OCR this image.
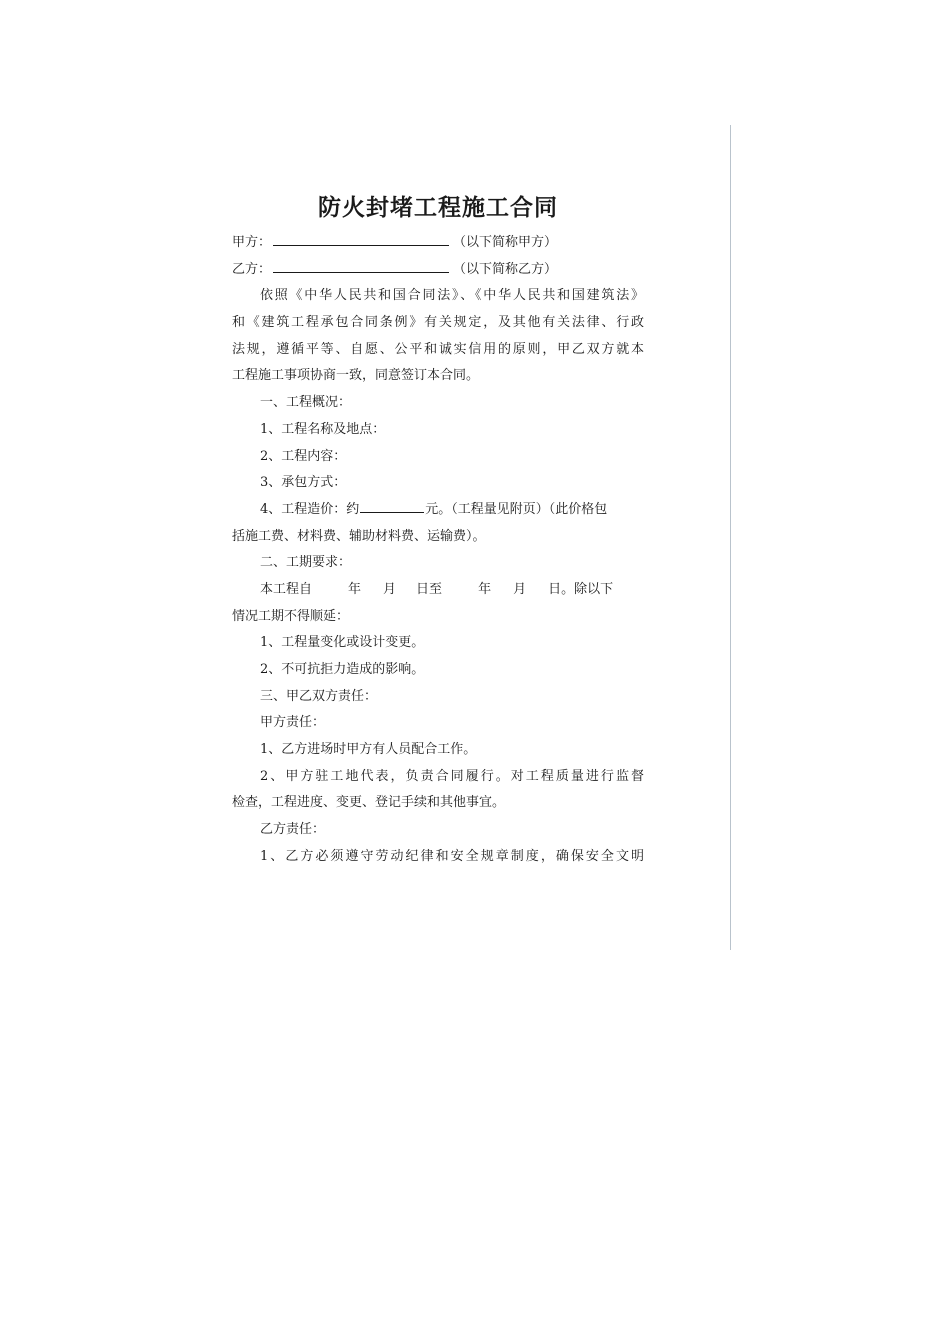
防火封堵工程施工合同
甲方：	（以下简称甲方）
乙方：	（以下简称乙方）
依照《中华人民共和国合同法》、《中华人民共和国建筑法》
和《建筑工程承包合同条例》有关规定，及其他有关法律、行政
法规，遵循平等、自愿、公平和诚实信用的原则，甲乙双方就本
工程施工事项协商一致，同意签订本合同。
一、工程概况：
1、工程名称及地点：
2、工程内容：
3、承包方式：
4、工程造价：约	元。（工程量见附页）（此价格包
括施工费、材料费、辅助材料费、运输费）。
二、工期要求：
本工程自	年 月 日至	年 月 日。除以下
情况工期不得顺延：
1、工程量变化或设计变更。
2、不可抗拒力造成的影响。
三、甲乙双方责任：
甲方责任：
1、乙方进场时甲方有人员配合工作。
2、甲方驻工地代表，负责合同履行。对工程质量进行监督
检查，工程进度、变更、登记手续和其他事宜。
乙方责任：
1、乙方必须遵守劳动纪律和安全规章制度，确保安全文明
